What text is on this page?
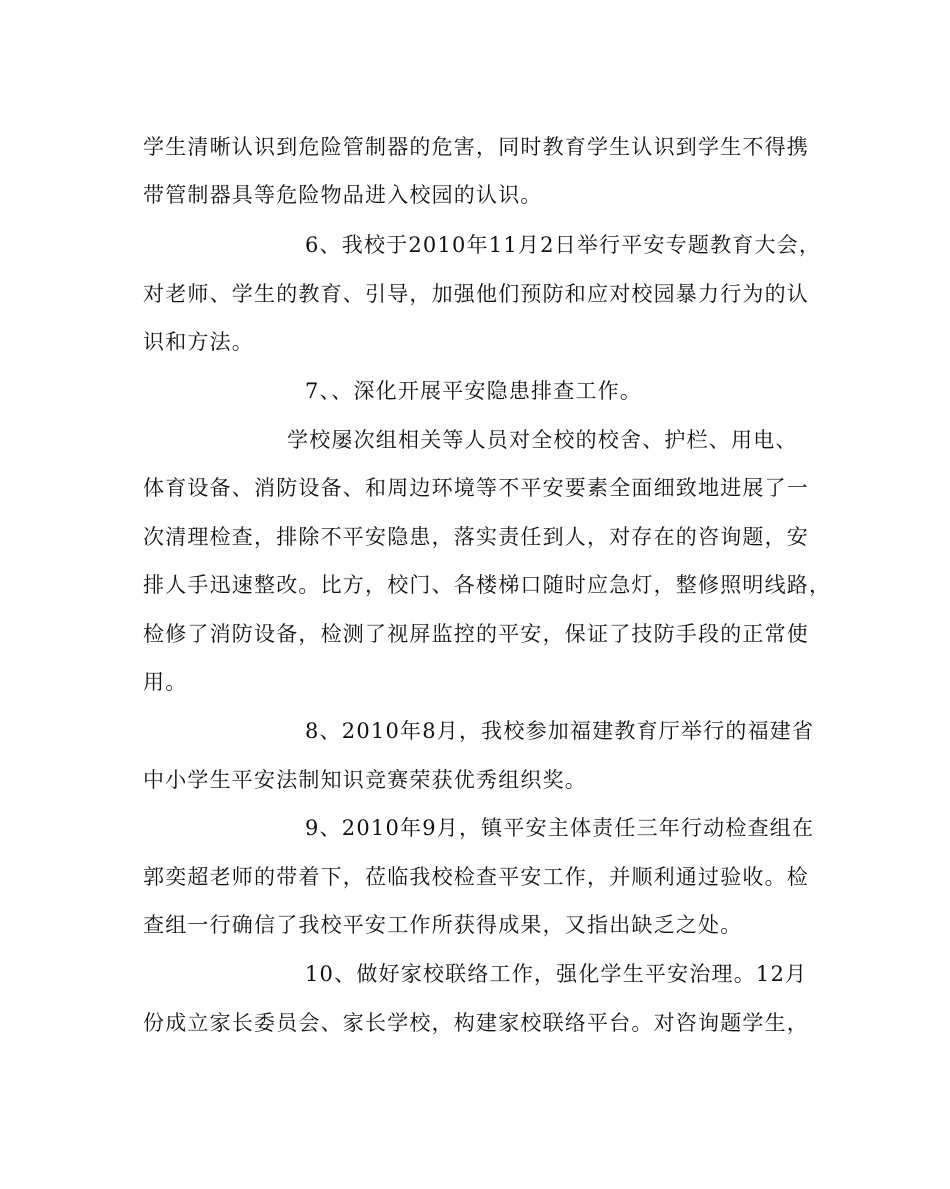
学生清晰认识到危险管制器的危害，同时教育学生认识到学生不得携
带管制器具等危险物品进入校园的认识。
6、我校于2010年11月2日举行平安专题教育大会，
对老师、学生的教育、引导，加强他们预防和应对校园暴力行为的认
识和方法。
7、、深化开展平安隐患排查工作。
学校屡次组相关等人员对全校的校舍、护栏、用电、
体育设备、消防设备、和周边环境等不平安要素全面细致地进展了一
次清理检查，排除不平安隐患，落实责任到人，对存在的咨询题，安
排人手迅速整改。比方，校门、各楼梯口随时应急灯，整修照明线路，
检修了消防设备，检测了视屏监控的平安，保证了技防手段的正常使
用。
8、2010年8月，我校参加福建教育厅举行的福建省
中小学生平安法制知识竞赛荣获优秀组织奖。
9、2010年9月，镇平安主体责任三年行动检查组在
郭奕超老师的带着下，莅临我校检查平安工作，并顺利通过验收。检
查组一行确信了我校平安工作所获得成果，又指出缺乏之处。
10、做好家校联络工作，强化学生平安治理。12月
份成立家长委员会、家长学校，构建家校联络平台。对咨询题学生，
